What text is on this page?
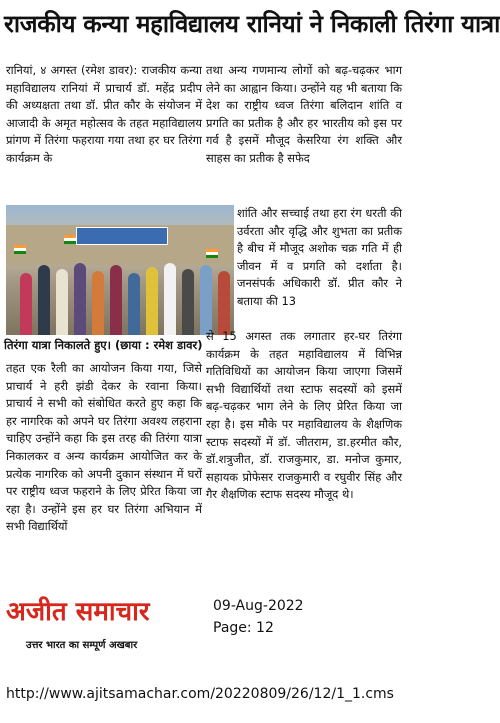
राजकीय कन्या महाविद्यालय रानियां ने निकाली तिरंगा यात्रा

रानियां, ४ अगस्त (रमेश डावर): राजकीय कन्या महाविद्यालय रानियां में प्राचार्य डॉ. महेंद्र प्रदीप की अध्यक्षता तथा डॉ. प्रीत कौर के संयोजन में आजादी के अमृत महोत्सव के तहत महाविद्यालय प्रांगण में तिरंगा फहराया गया तथा हर घर तिरंगा कार्यक्रम के

तिरंगा यात्रा निकालते हुए। (छाया : रमेश डावर)

तहत एक रैली का आयोजन किया गया, जिसे प्राचार्य ने हरी झंडी देकर के रवाना किया। प्राचार्य ने सभी को संबोधित करते हुए कहा कि हर नागरिक को अपने घर तिरंगा अवश्य लहराना चाहिए उन्होंने कहा कि इस तरह की तिरंगा यात्रा निकालकर व अन्य कार्यक्रम आयोजित कर के प्रत्येक नागरिक को अपनी दुकान संस्थान में घरों पर राष्ट्रीय ध्वज फहराने के लिए प्रेरित किया जा रहा है। उन्होंने इस हर घर तिरंगा अभियान में सभी विद्यार्थियों

तथा अन्य गणमान्य लोगों को बढ़-चढ़कर भाग लेने का आह्वान किया। उन्होंने यह भी बताया कि देश का राष्ट्रीय ध्वज तिरंगा बलिदान शांति व प्रगति का प्रतीक है और हर भारतीय को इस पर गर्व है इसमें मौजूद केसरिया रंग शक्ति और साहस का प्रतीक है सफेद

शांति और सच्चाई तथा हरा रंग धरती की उर्वरता और वृद्धि और शुभता का प्रतीक है बीच में मौजूद अशोक चक्र गति में ही जीवन में व प्रगति को दर्शाता है। जनसंपर्क अधिकारी डॉ. प्रीत कौर ने बताया की 13

से 15 अगस्त तक लगातार हर-घर तिरंगा कार्यक्रम के तहत महाविद्यालय में विभिन्न गतिविधियों का आयोजन किया जाएगा जिसमें सभी विद्यार्थियों तथा स्टाफ सदस्यों को इसमें बढ़-चढ़कर भाग लेने के लिए प्रेरित किया जा रहा है। इस मौके पर महाविद्यालय के शैक्षणिक स्टाफ सदस्यों में डॉ. जीतराम, डा.हरमीत कौर, डॉ.शत्रुजीत, डॉ. राजकुमार, डा. मनोज कुमार, सहायक प्रोफेसर राजकुमारी व रघुवीर सिंह और गैर शैक्षणिक स्टाफ सदस्य मौजूद थे।

अजीत समाचार
उत्तर भारत का सम्पूर्ण अखबार
09-Aug-2022
Page: 12
http://www.ajitsamachar.com/20220809/26/12/1_1.cms
